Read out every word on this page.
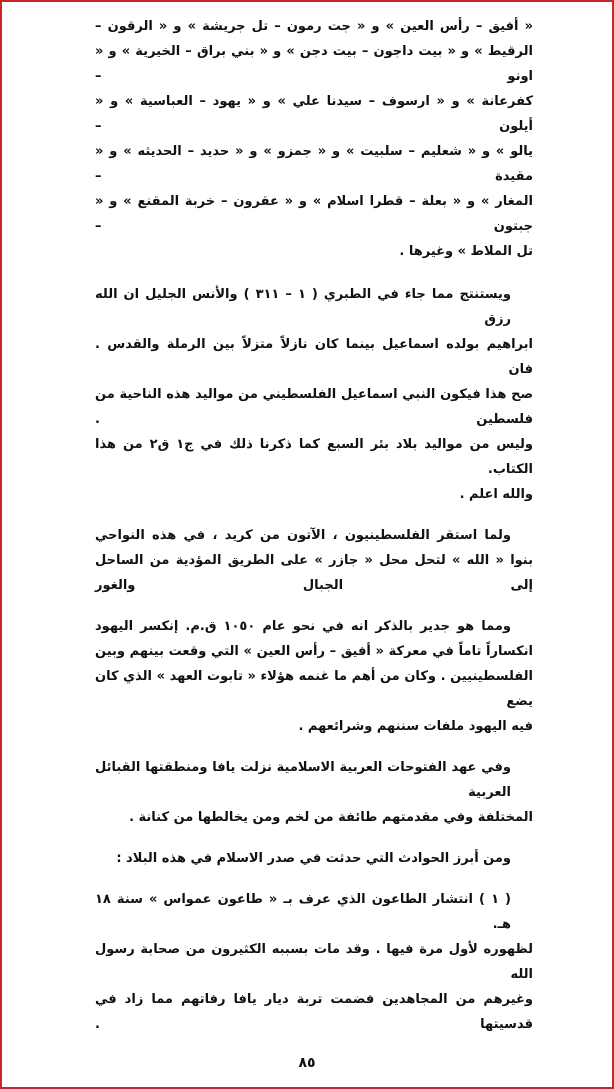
« أفيق – رأس العين » و « جت رمون – تل جريشة » و « الرقون –
الرقيط » و « بيت داجون – بيت دجن » و « بني براق – الخيرية » و « اونو –
كفرعانة » و « ارسوف – سيدنا علي » و « يهود – العباسية » و « أيلون –
يالو » و « شعليم – سلبيت » و « جمزو » و « حديد – الحديثه » و « مقيدة –
المغار » و « بعلة – قطرا اسلام » و « عقرون – خربة المقنع » و « جبتون –
تل الملاط » وغيرها .
ويستنتج مما جاء في الطبري ( ١ – ٣١١ ) والأنس الجليل ان الله رزق
ابراهيم بولده اسماعيل بينما كان نازلاً متزلاً بين الرملة والقدس . فان
صح هذا فيكون النبي اسماعيل الفلسطيني من مواليد هذه الناحية من فلسطين .
وليس من مواليد بلاد بئر السبع كما ذكرنا ذلك في ج١ ق٢ من هذا الكتاب.
والله اعلم .
ولما استقر الفلسطينيون ، الآتون من كريد ، في هذه النواحي
بنوا « الله » لتحل محل « جازر » على الطريق المؤدية من الساحل إلى الجبال والغور
ومما هو جدير بالذكر انه في نحو عام ١٠٥٠ ق.م. إنكسر اليهود
انكساراً تاماً في معركة « أفيق – رأس العين » التي وقعت بينهم وبين
الفلسطينيين . وكان من أهم ما غنمه هؤلاء « تابوت العهد » الذي كان يضع
فيه اليهود ملفات سننهم وشرائعهم .
وفي عهد الفتوحات العربية الاسلامية نزلت يافا ومنطقتها القبائل العربية
المختلفة وفي مقدمتهم طائفة من لخم ومن يخالطها من كنانة .
ومن أبرز الحوادث التي حدثت في صدر الاسلام في هذه البلاد :
( ١ ) انتشار الطاعون الذي عرف بـ « طاعون عمواس » سنة ١٨ هـ.
لظهوره لأول مرة فيها . وقد مات بسببه الكثيرون من صحابة رسول الله
وغيرهم من المجاهدين فضمت تربة ديار يافا رفاتهم مما زاد في قدسيتها .
٨٥
